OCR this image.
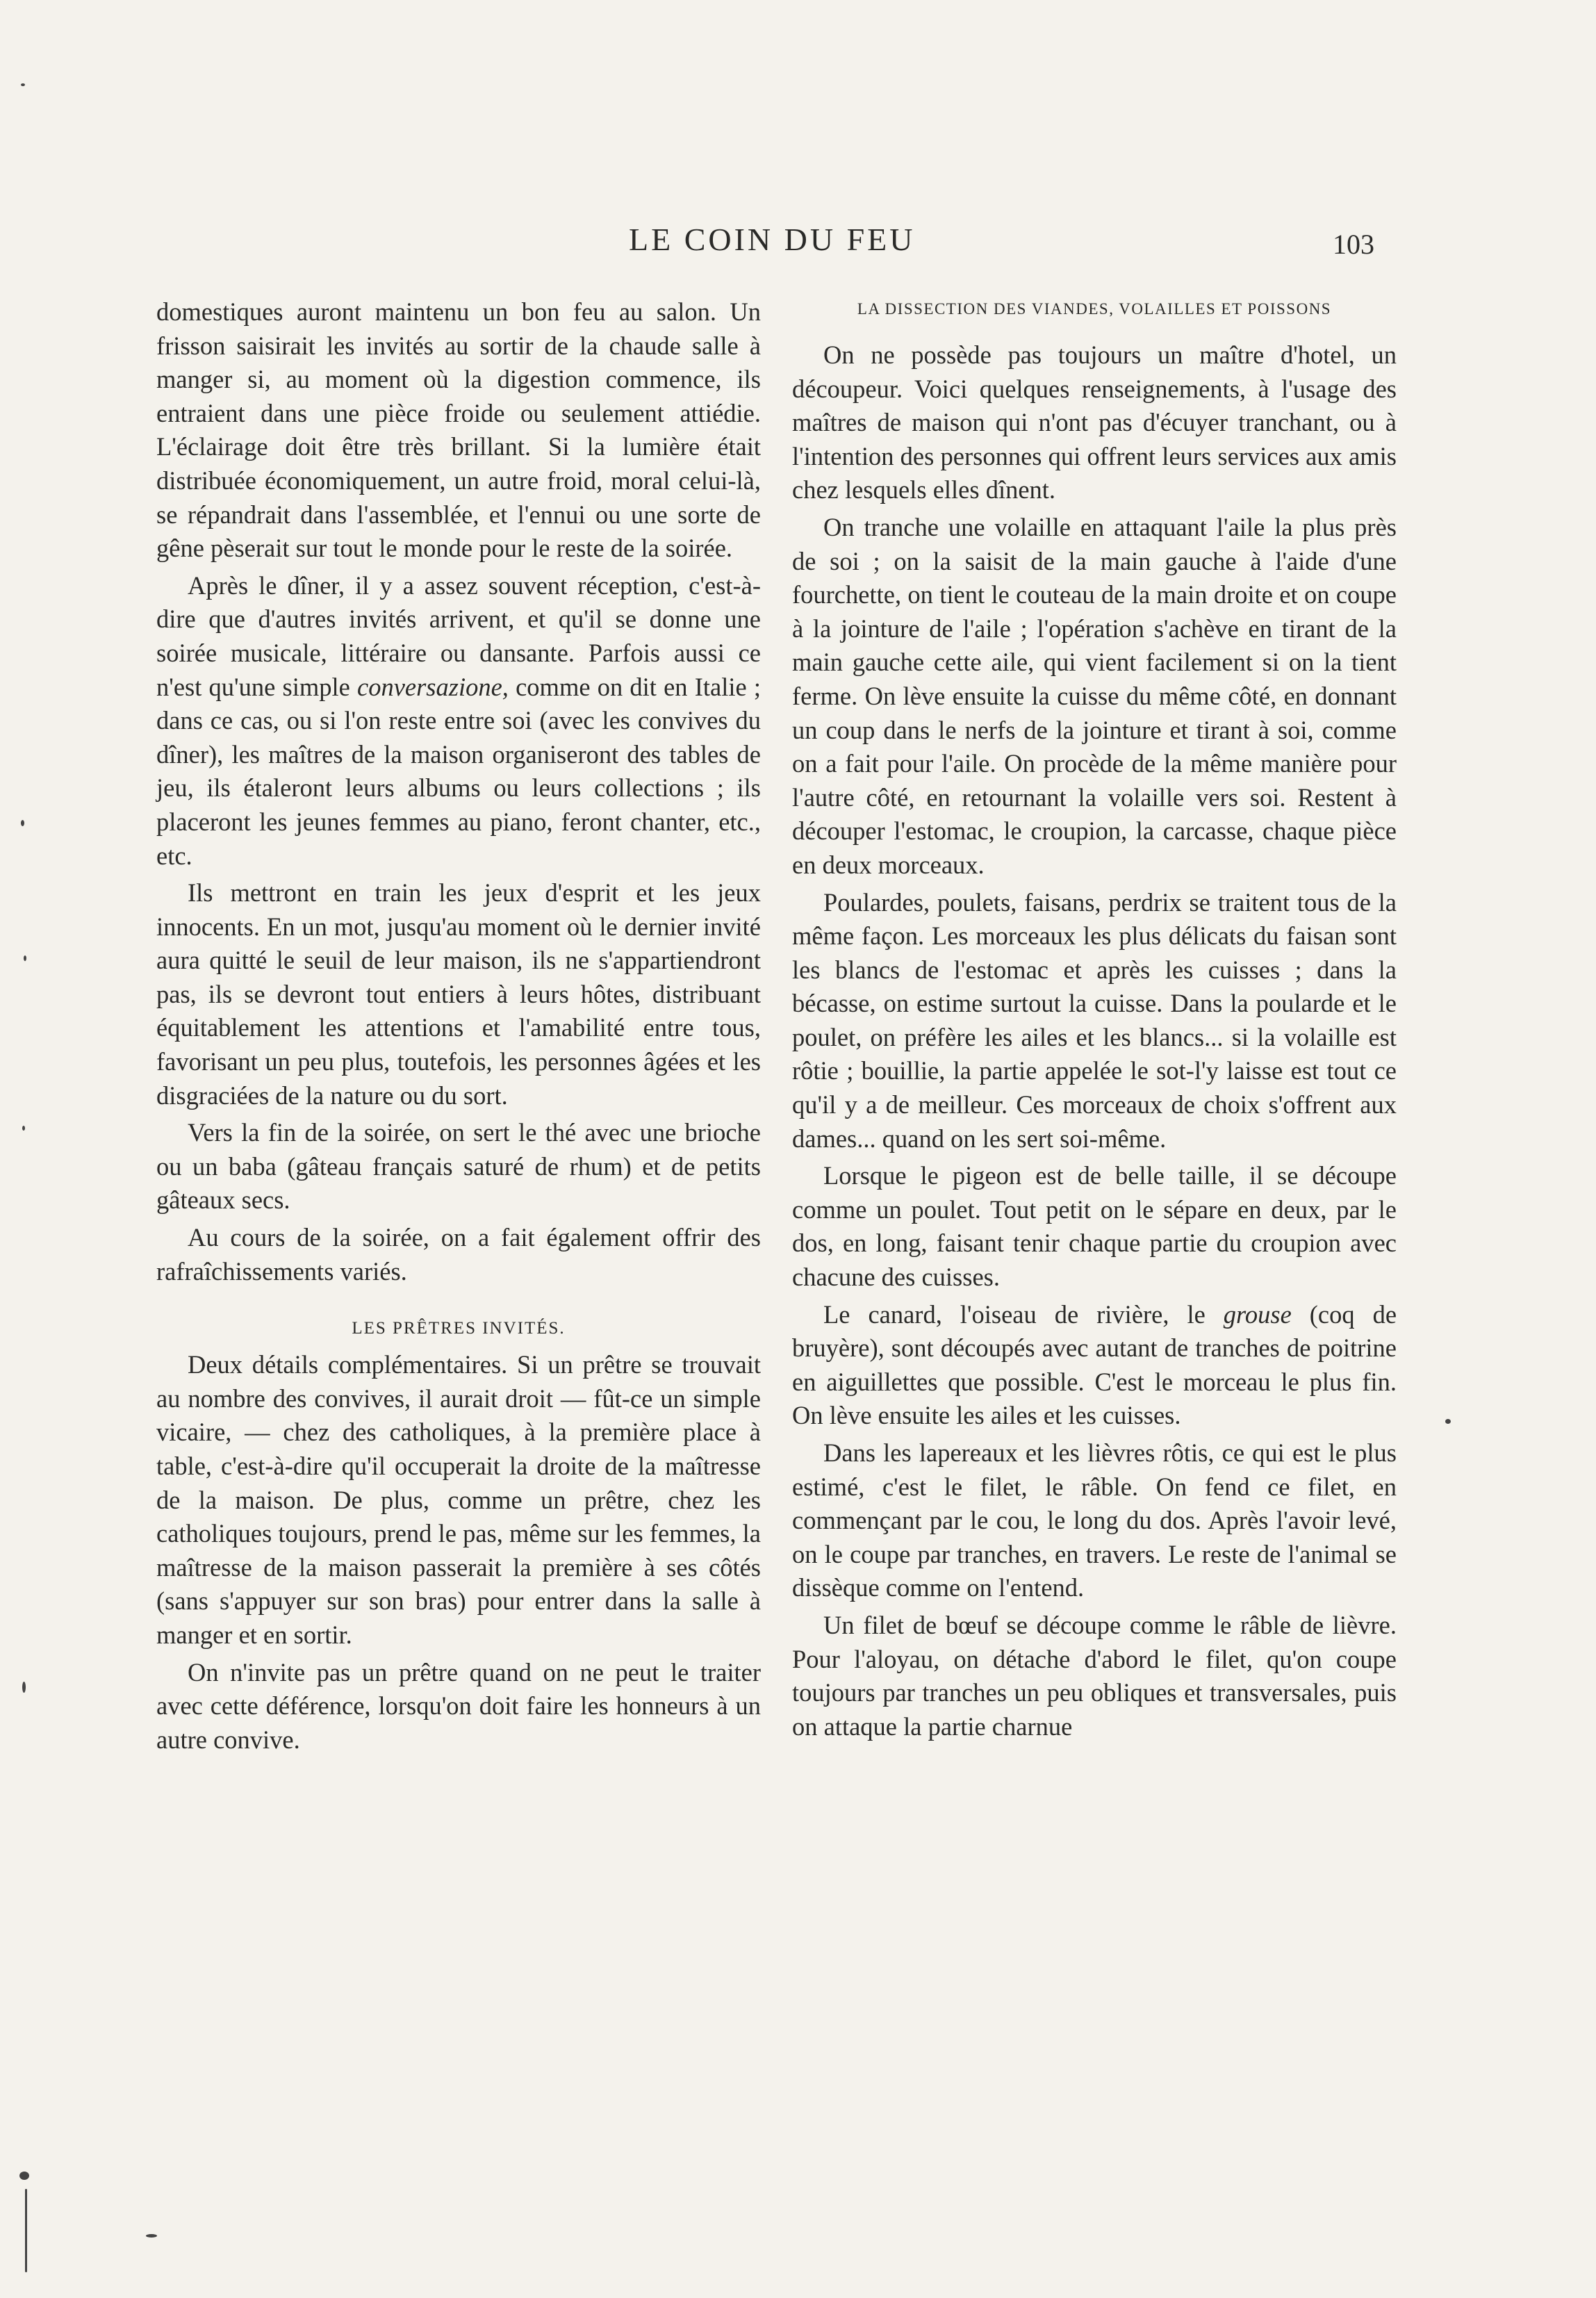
LE COIN DU FEU	103

domestiques auront maintenu un bon feu au salon. Un frisson saisirait les invités au sortir de la chaude salle à manger si, au moment où la digestion commence, ils entraient dans une pièce froide ou seulement attiédie. L'éclairage doit être très brillant. Si la lumière était distribuée économiquement, un autre froid, moral celui-là, se répandrait dans l'assemblée, et l'ennui ou une sorte de gêne pèserait sur tout le monde pour le reste de la soirée.

Après le dîner, il y a assez souvent réception, c'est-à-dire que d'autres invités arrivent, et qu'il se donne une soirée musicale, littéraire ou dansante. Parfois aussi ce n'est qu'une simple conversazione, comme on dit en Italie ; dans ce cas, ou si l'on reste entre soi (avec les convives du dîner), les maîtres de la maison organiseront des tables de jeu, ils étaleront leurs albums ou leurs collections ; ils placeront les jeunes femmes au piano, feront chanter, etc., etc.

Ils mettront en train les jeux d'esprit et les jeux innocents. En un mot, jusqu'au moment où le dernier invité aura quitté le seuil de leur maison, ils ne s'appartiendront pas, ils se devront tout entiers à leurs hôtes, distribuant équitablement les attentions et l'amabilité entre tous, favorisant un peu plus, toutefois, les personnes âgées et les disgraciées de la nature ou du sort.

Vers la fin de la soirée, on sert le thé avec une brioche ou un baba (gâteau français saturé de rhum) et de petits gâteaux secs.

Au cours de la soirée, on a fait également offrir des rafraîchissements variés.

LES PRÊTRES INVITÉS.

Deux détails complémentaires. Si un prêtre se trouvait au nombre des convives, il aurait droit — fût-ce un simple vicaire, — chez des catholiques, à la première place à table, c'est-à-dire qu'il occuperait la droite de la maîtresse de la maison. De plus, comme un prêtre, chez les catholiques toujours, prend le pas, même sur les femmes, la maîtresse de la maison passerait la première à ses côtés (sans s'appuyer sur son bras) pour entrer dans la salle à manger et en sortir.

On n'invite pas un prêtre quand on ne peut le traiter avec cette déférence, lorsqu'on doit faire les honneurs à un autre convive.

LA DISSECTION DES VIANDES, VOLAILLES ET POISSONS

On ne possède pas toujours un maître d'hotel, un découpeur. Voici quelques renseignements, à l'usage des maîtres de maison qui n'ont pas d'écuyer tranchant, ou à l'intention des personnes qui offrent leurs services aux amis chez lesquels elles dînent.

On tranche une volaille en attaquant l'aile la plus près de soi ; on la saisit de la main gauche à l'aide d'une fourchette, on tient le couteau de la main droite et on coupe à la jointure de l'aile ; l'opération s'achève en tirant de la main gauche cette aile, qui vient facilement si on la tient ferme. On lève ensuite la cuisse du même côté, en donnant un coup dans le nerfs de la jointure et tirant à soi, comme on a fait pour l'aile. On procède de la même manière pour l'autre côté, en retournant la volaille vers soi. Restent à découper l'estomac, le croupion, la carcasse, chaque pièce en deux morceaux.

Poulardes, poulets, faisans, perdrix se traitent tous de la même façon. Les morceaux les plus délicats du faisan sont les blancs de l'estomac et après les cuisses ; dans la bécasse, on estime surtout la cuisse. Dans la poularde et le poulet, on préfère les ailes et les blancs... si la volaille est rôtie ; bouillie, la partie appelée le sot-l'y laisse est tout ce qu'il y a de meilleur. Ces morceaux de choix s'offrent aux dames... quand on les sert soi-même.

Lorsque le pigeon est de belle taille, il se découpe comme un poulet. Tout petit on le sépare en deux, par le dos, en long, faisant tenir chaque partie du croupion avec chacune des cuisses.

Le canard, l'oiseau de rivière, le grouse (coq de bruyère), sont découpés avec autant de tranches de poitrine en aiguillettes que possible. C'est le morceau le plus fin. On lève ensuite les ailes et les cuisses.

Dans les lapereaux et les lièvres rôtis, ce qui est le plus estimé, c'est le filet, le râble. On fend ce filet, en commençant par le cou, le long du dos. Après l'avoir levé, on le coupe par tranches, en travers. Le reste de l'animal se dissèque comme on l'entend.

Un filet de bœuf se découpe comme le râble de lièvre. Pour l'aloyau, on détache d'abord le filet, qu'on coupe toujours par tranches un peu obliques et transversales, puis on attaque la partie charnue
